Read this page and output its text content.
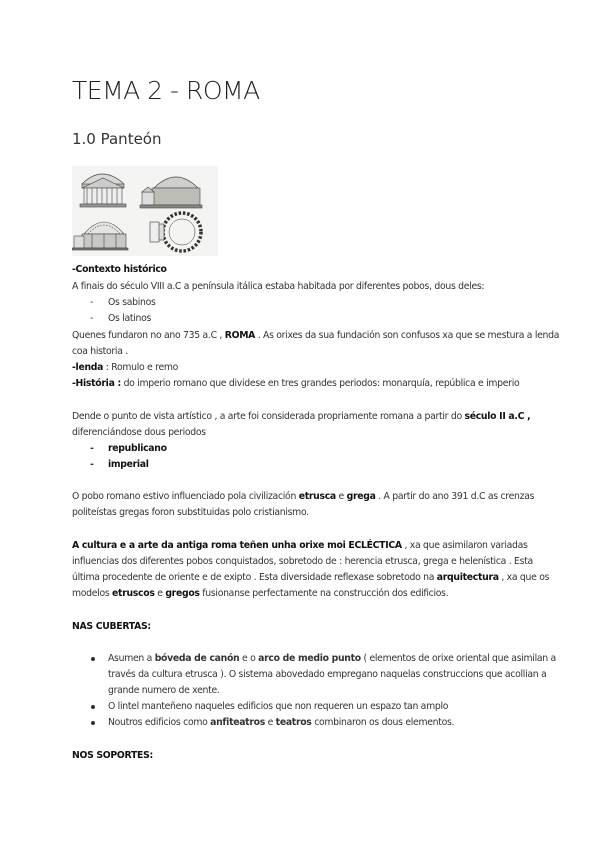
TEMA 2 - ROMA
1.0 Panteón
-Contexto histórico
A finais do século VIII a.C a península itálica estaba habitada por diferentes pobos, dous deles:
- Os sabinos
- Os latinos
Quenes fundaron no ano 735 a.C , ROMA . As orixes da sua fundación son confusos xa que se mestura a lenda
coa historia .
-lenda : Romulo e remo
-História : do imperio romano que dividese en tres grandes periodos: monarquía, república e imperio
Dende o punto de vista artístico , a arte foi considerada propriamente romana a partir do século II a.C ,
diferenciándose dous periodos
- republicano
- imperial
O pobo romano estivo influenciado pola civilización etrusca e grega . A partir do ano 391 d.C as crenzas
politeístas gregas foron substituidas polo cristianismo.
A cultura e a arte da antiga roma teñen unha orixe moi ECLÉCTICA , xa que asimilaron variadas
influencias dos diferentes pobos conquistados, sobretodo de : herencia etrusca, grega e helenística . Esta
última procedente de oriente e de exipto . Esta diversidade reflexase sobretodo na arquitectura , xa que os
modelos etruscos e gregos fusionanse perfectamente na construcción dos edificios.
NAS CUBERTAS:
Asumen a bóveda de canón e o arco de medio punto ( elementos de orixe oriental que asimilan a
través da cultura etrusca ). O sistema abovedado empregano naquelas construccions que acollian a
grande numero de xente.
O lintel manteñeno naqueles edificios que non requeren un espazo tan amplo
Noutros edificios como anfiteatros e teatros combinaron os dous elementos.
NOS SOPORTES:
